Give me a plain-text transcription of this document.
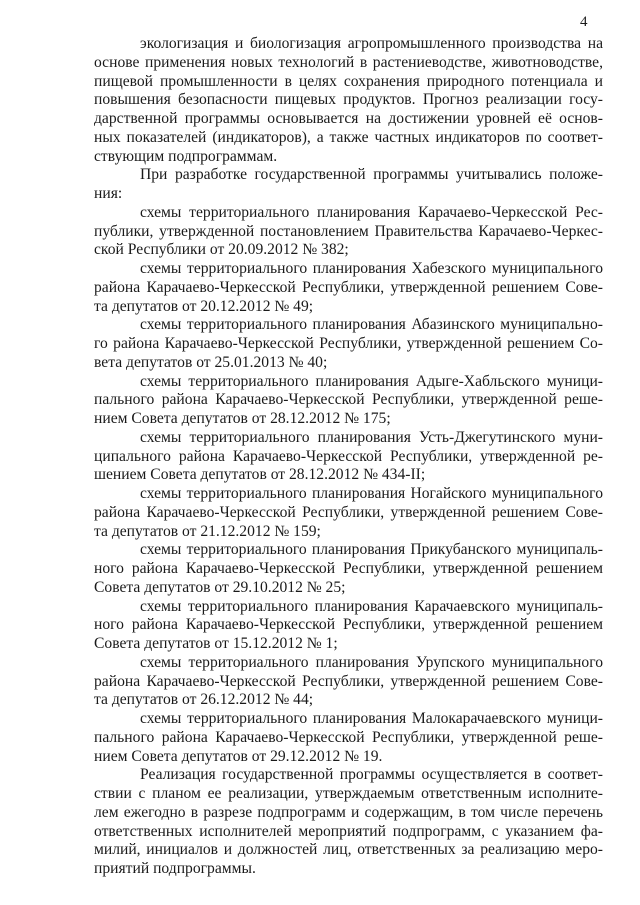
4
экологизация и биологизация агропромышленного производства на
основе применения новых технологий в растениеводстве, животноводстве,
пищевой промышленности в целях сохранения природного потенциала и
повышения безопасности пищевых продуктов. Прогноз реализации госу-
дарственной программы основывается на достижении уровней её основ-
ных показателей (индикаторов), а также частных индикаторов по соответ-
ствующим подпрограммам.
При разработке государственной программы учитывались положе-
ния:
схемы территориального планирования Карачаево-Черкесской Рес-
публики, утвержденной постановлением Правительства Карачаево-Черкес-
ской Республики от 20.09.2012 № 382;
схемы территориального планирования Хабезского муниципального
района Карачаево-Черкесской Республики, утвержденной решением Сове-
та депутатов от 20.12.2012 № 49;
схемы территориального планирования Абазинского муниципально-
го района Карачаево-Черкесской Республики, утвержденной решением Со-
вета депутатов от 25.01.2013 № 40;
схемы территориального планирования Адыге-Хабльского муници-
пального района Карачаево-Черкесской Республики, утвержденной реше-
нием Совета депутатов от 28.12.2012 № 175;
схемы территориального планирования Усть-Джегутинского муни-
ципального района Карачаево-Черкесской Республики, утвержденной ре-
шением Совета депутатов от 28.12.2012 № 434-II;
схемы территориального планирования Ногайского муниципального
района Карачаево-Черкесской Республики, утвержденной решением Сове-
та депутатов от 21.12.2012 № 159;
схемы территориального планирования Прикубанского муниципаль-
ного района Карачаево-Черкесской Республики, утвержденной решением
Совета депутатов от 29.10.2012 № 25;
схемы территориального планирования Карачаевского муниципаль-
ного района Карачаево-Черкесской Республики, утвержденной решением
Совета депутатов от 15.12.2012 № 1;
схемы территориального планирования Урупского муниципального
района Карачаево-Черкесской Республики, утвержденной решением Сове-
та депутатов от 26.12.2012 № 44;
схемы территориального планирования Малокарачаевского муници-
пального района Карачаево-Черкесской Республики, утвержденной реше-
нием Совета депутатов от 29.12.2012 № 19.
Реализация государственной программы осуществляется в соответ-
ствии с планом ее реализации, утверждаемым ответственным исполните-
лем ежегодно в разрезе подпрограмм и содержащим, в том числе перечень
ответственных исполнителей мероприятий подпрограмм, с указанием фа-
милий, инициалов и должностей лиц, ответственных за реализацию меро-
приятий подпрограммы.
